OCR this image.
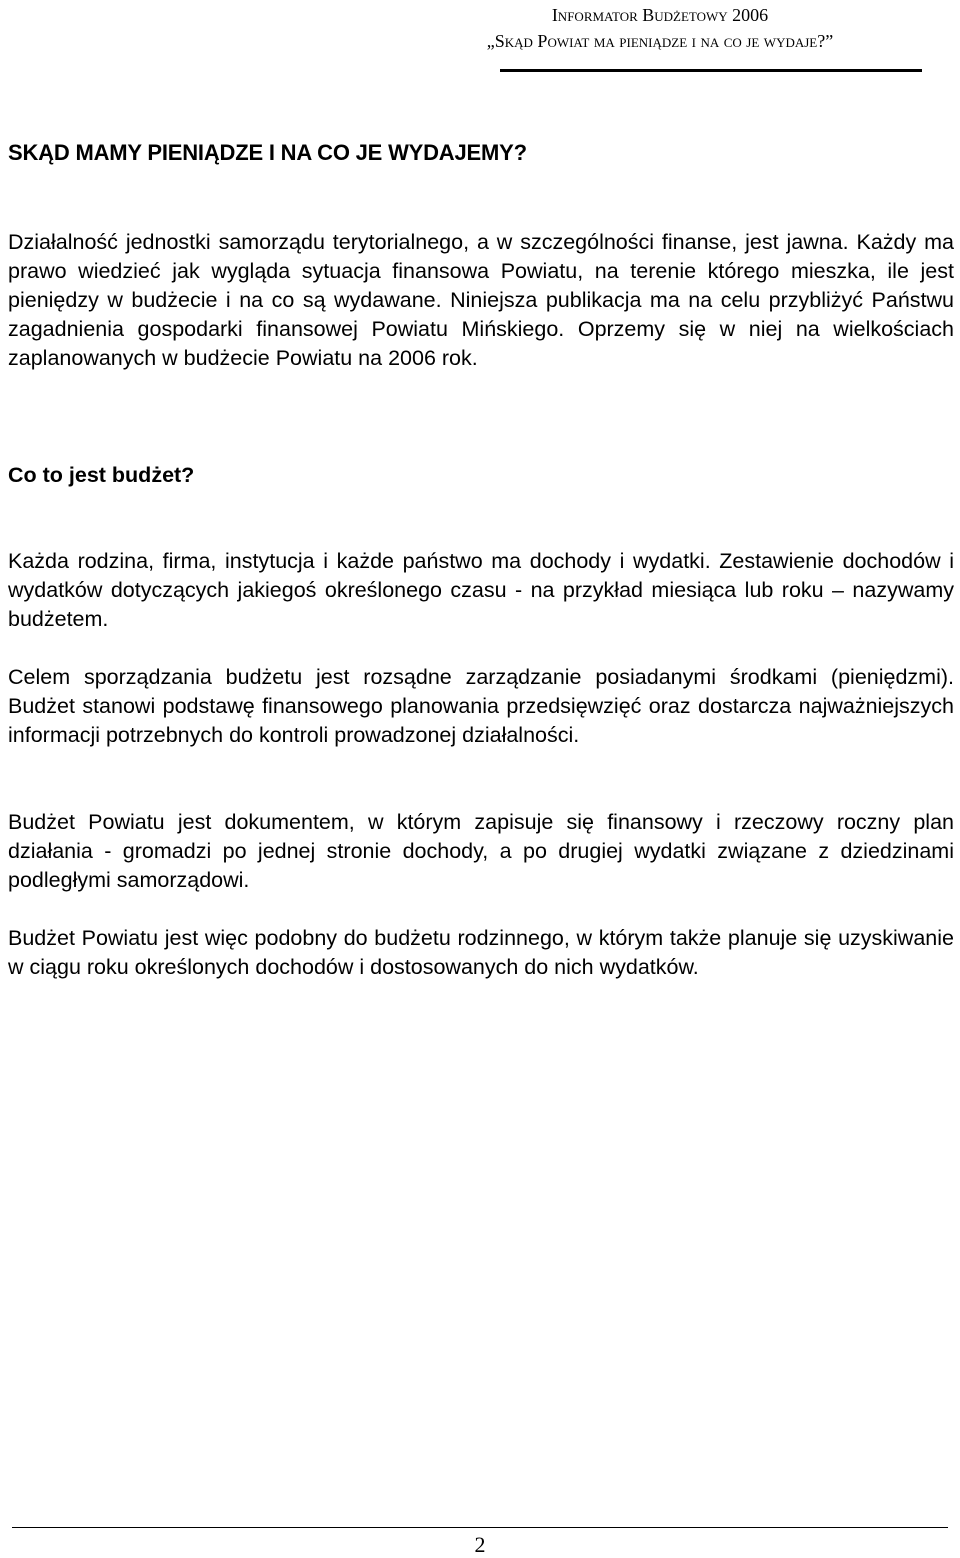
Informator Budżetowy 2006
„Skąd Powiat ma pieniądze i na co je wydaje?”
SKĄD MAMY PIENIĄDZE I NA CO JE WYDAJEMY?
Działalność jednostki samorządu terytorialnego, a w szczególności finanse, jest jawna. Każdy ma prawo wiedzieć jak wygląda sytuacja finansowa Powiatu, na terenie którego mieszka, ile jest pieniędzy w budżecie i na co są wydawane. Niniejsza publikacja ma na celu przybliżyć Państwu zagadnienia gospodarki finansowej Powiatu Mińskiego. Oprzemy się w niej na wielkościach zaplanowanych w budżecie Powiatu na 2006 rok.
Co to jest budżet?
Każda rodzina, firma, instytucja i każde państwo ma dochody i wydatki. Zestawienie dochodów i wydatków dotyczących jakiegoś określonego czasu - na przykład miesiąca lub roku – nazywamy budżetem.
Celem sporządzania budżetu jest rozsądne zarządzanie posiadanymi środkami (pieniędzmi). Budżet stanowi podstawę finansowego planowania przedsięwzięć oraz dostarcza najważniejszych informacji potrzebnych do kontroli prowadzonej działalności.
Budżet Powiatu jest dokumentem, w którym zapisuje się finansowy i rzeczowy roczny plan działania - gromadzi po jednej stronie dochody, a po drugiej wydatki związane z dziedzinami podległymi samorządowi.
Budżet Powiatu jest więc podobny do budżetu rodzinnego, w którym także planuje się uzyskiwanie w ciągu roku określonych dochodów i dostosowanych do nich wydatków.
2
